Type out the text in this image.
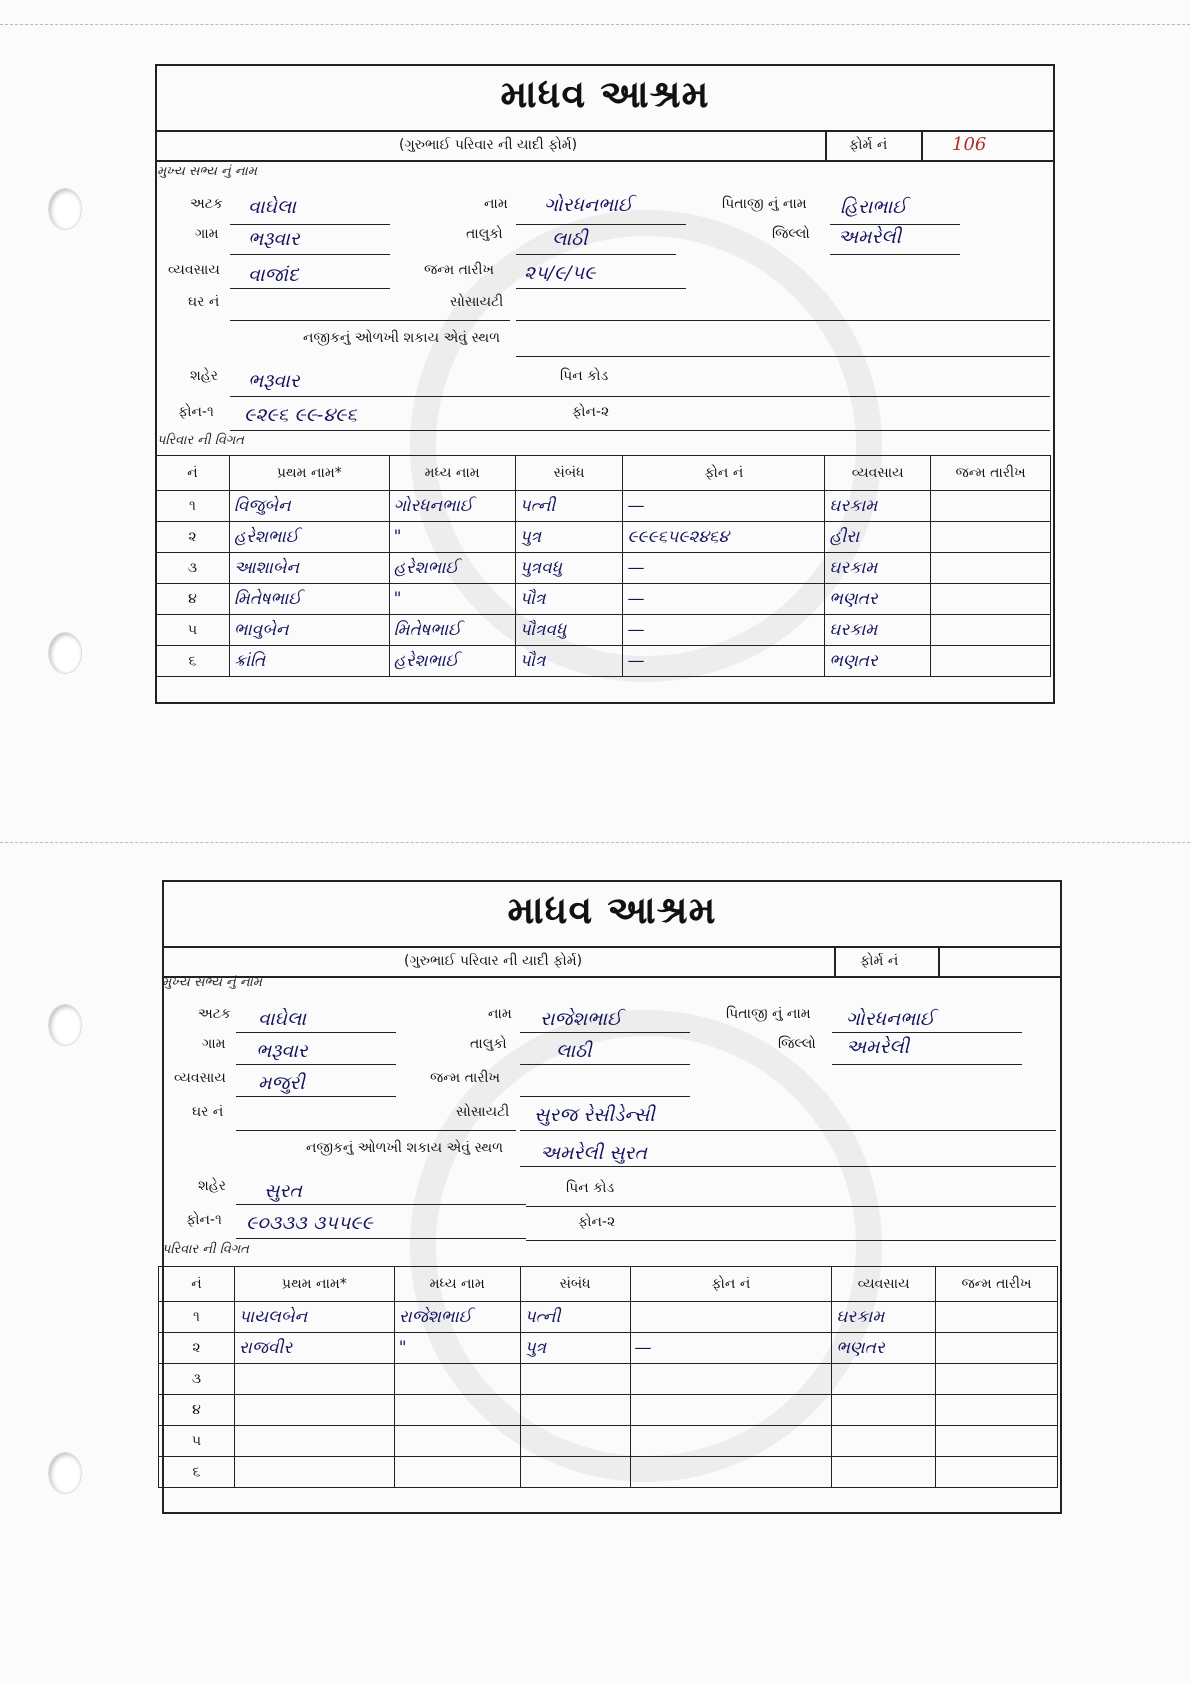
માધવ આશ્રમ
(ગુરુભાઈ પરિવાર ની યાદી ફોર્મ)	ફોર્મ નં	106
મુખ્ય સભ્ય નું નામ
અટક વાઘેલા	નામ ગોરધનભાઈ	પિતાજી નું નામ હિરાભાઈ
ગામ ભરૂવાર	તાલુકો	લાઠી	જિલ્લો અમરેલી
વ્યવસાય વાજાંદ	જન્મ તારીખ ૨૫/૯/૫૯
ઘર નં	સોસાયટી
નજીકનું ઓળખી શકાય એવું સ્થળ
શહેર ભરૂવાર	પિન કોડ
ફોન-૧ ૯૨૯૬ ૯૯-૪૯૬	ફોન-૨
પરિવાર ની વિગત
નં	પ્રથમ નામ*	મધ્ય નામ	સંબંધ	ફોન નં	વ્યવસાય	જન્મ તારીખ
૧	વિજુબેન	ગોરધનભાઈ	પત્ની	—	ઘરકામ	
૨	હરેશભાઈ	"	પુત્ર	૯૯૯૬૫૯૨૪૬૪	હીરા	
૩	આશાબેન	હરેશભાઈ	પુત્રવધુ	—	ઘરકામ	
૪	મિતેષભાઈ	"	પૌત્ર	—	ભણતર	
૫	ભાવુબેન	મિતેષભાઈ	પૌત્રવધુ	—	ઘરકામ	
૬	ક્રાંતિ	હરેશભાઈ	પૌત્ર	—	ભણતર	
માધવ આશ્રમ
(ગુરુભાઈ પરિવાર ની યાદી ફોર્મ)	ફોર્મ નં
મુખ્ય સભ્ય નું નામ
અટક વાઘેલા	નામ રાજેશભાઈ	પિતાજી નું નામ ગોરધનભાઈ
ગામ ભરૂવાર	તાલુકો	લાઠી	જિલ્લો અમરેલી
વ્યવસાય મજુરી	જન્મ તારીખ
ઘર નં	સોસાયટી સુરજ રેસીડેન્સી
નજીકનું ઓળખી શકાય એવું સ્થળ અમરેલી સુરત
શહેર સુરત	પિન કોડ
ફોન-૧ ૯૦૩૩૩ ૩૫૫૯૯	ફોન-૨
પરિવાર ની વિગત
નં	પ્રથમ નામ*	મધ્ય નામ	સંબંધ	ફોન નં	વ્યવસાય	જન્મ તારીખ
૧	પાયલબેન	રાજેશભાઈ	પત્ની		ઘરકામ	
૨	રાજવીર	"	પુત્ર	—	ભણતર	
૩						
૪						
૫						
૬						
